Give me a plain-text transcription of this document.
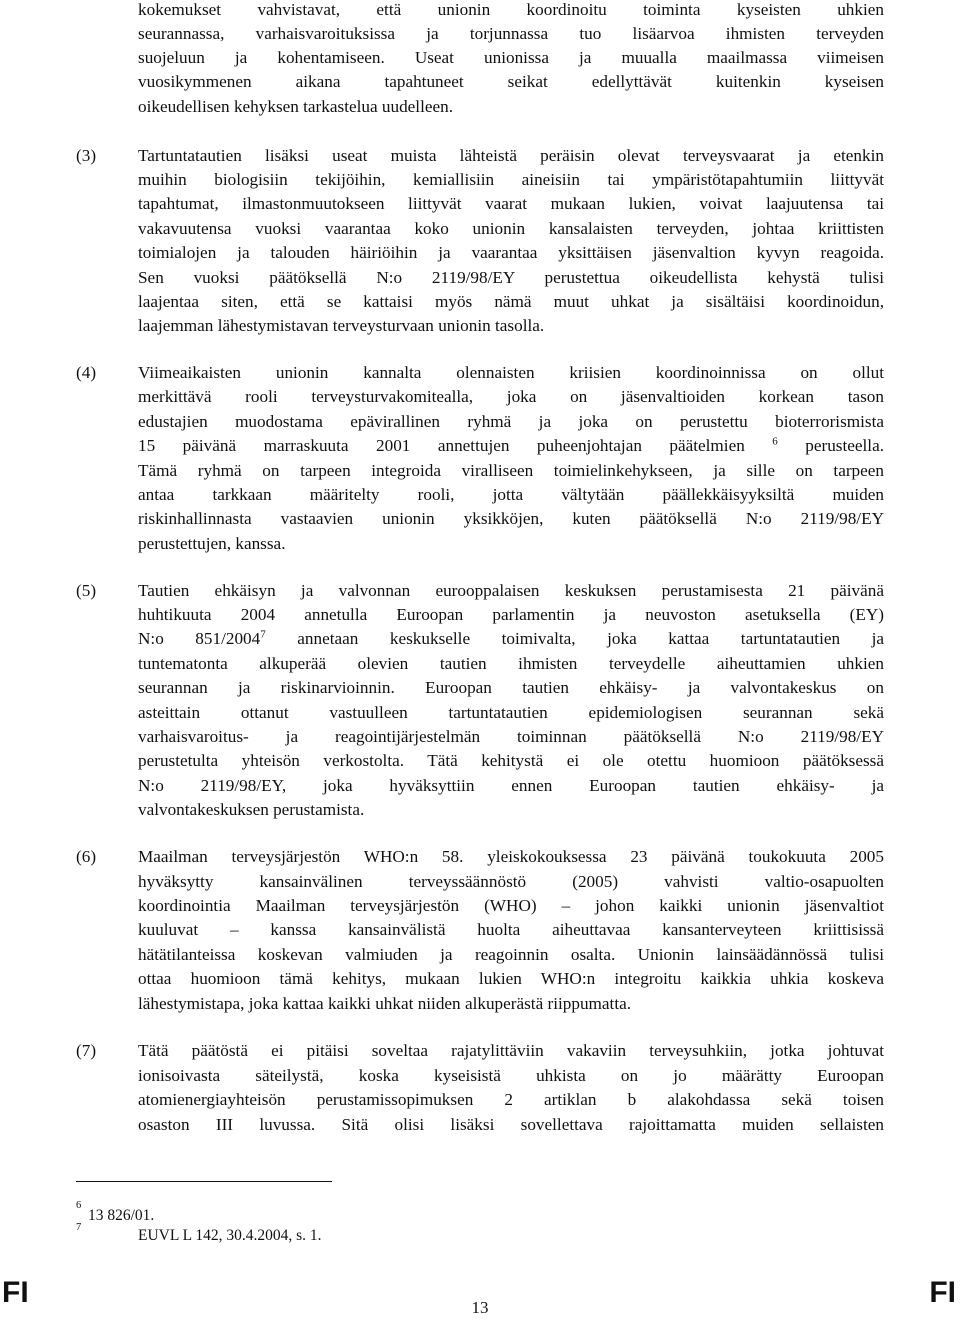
kokemukset vahvistavat, että unionin koordinoitu toiminta kyseisten uhkien
seurannassa, varhaisvaroituksissa ja torjunnassa tuo lisäarvoa ihmisten terveyden
suojeluun ja kohentamiseen. Useat unionissa ja muualla maailmassa viimeisen
vuosikymmenen aikana tapahtuneet seikat edellyttävät kuitenkin kyseisen
oikeudellisen kehyksen tarkastelua uudelleen.
(3) Tartuntatautien lisäksi useat muista lähteistä peräisin olevat terveysvaarat ja etenkin
muihin biologisiin tekijöihin, kemiallisiin aineisiin tai ympäristötapahtumiin liittyvät
tapahtumat, ilmastonmuutokseen liittyvät vaarat mukaan lukien, voivat laajuutensa tai
vakavuutensa vuoksi vaarantaa koko unionin kansalaisten terveyden, johtaa kriittisten
toimialojen ja talouden häiriöihin ja vaarantaa yksittäisen jäsenvaltion kyvyn reagoida.
Sen vuoksi päätöksellä N:o 2119/98/EY perustettua oikeudellista kehystä tulisi
laajentaa siten, että se kattaisi myös nämä muut uhkat ja sisältäisi koordinoidun,
laajemman lähestymistavan terveysturvaan unionin tasolla.
(4) Viimeaikaisten unionin kannalta olennaisten kriisien koordinoinnissa on ollut
merkittävä rooli terveysturvakomitealla, joka on jäsenvaltioiden korkean tason
edustajien muodostama epävirallinen ryhmä ja joka on perustettu bioterrorismista
15 päivänä marraskuuta 2001 annettujen puheenjohtajan päätelmien $^6$ perusteella.
Tämä ryhmä on tarpeen integroida viralliseen toimielinkehykseen, ja sille on tarpeen
antaa tarkkaan määritelty rooli, jotta vältytään päällekkäisyyksiltä muiden
riskinhallinnasta vastaavien unionin yksikköjen, kuten päätöksellä N:o 2119/98/EY
perustettujen, kanssa.
(5) Tautien ehkäisyn ja valvonnan eurooppalaisen keskuksen perustamisesta 21 päivänä
huhtikuuta 2004 annetulla Euroopan parlamentin ja neuvoston asetuksella (EY)
N:o 851/2004$^7$ annetaan keskukselle toimivalta, joka kattaa tartuntatautien ja
tuntematonta alkuperää olevien tautien ihmisten terveydelle aiheuttamien uhkien
seurannan ja riskinarvioinnin. Euroopan tautien ehkäisy- ja valvontakeskus on
asteittain ottanut vastuulleen tartuntatautien epidemiologisen seurannan sekä
varhaisvaroitus- ja reagointijärjestelmän toiminnan päätöksellä N:o 2119/98/EY
perustetulta yhteisön verkostolta. Tätä kehitystä ei ole otettu huomioon päätöksessä
N:o 2119/98/EY, joka hyväksyttiin ennen Euroopan tautien ehkäisy- ja
valvontakeskuksen perustamista.
(6) Maailman terveysjärjestön WHO:n 58. yleiskokouksessa 23 päivänä toukokuuta 2005
hyväksytty kansainvälinen terveyssäännöstö (2005) vahvisti valtio-osapuolten
koordinointia Maailman terveysjärjestön (WHO) – johon kaikki unionin jäsenvaltiot
kuuluvat – kanssa kansainvälistä huolta aiheuttavaa kansanterveyteen kriittisissä
hätätilanteissa koskevan valmiuden ja reagoinnin osalta. Unionin lainsäädännössä tulisi
ottaa huomioon tämä kehitys, mukaan lukien WHO:n integroitu kaikkia uhkia koskeva
lähestymistapa, joka kattaa kaikki uhkat niiden alkuperästä riippumatta.
(7) Tätä päätöstä ei pitäisi soveltaa rajatylittäviin vakaviin terveysuhkiin, jotka johtuvat
ionisoivasta säteilystä, koska kyseisistä uhkista on jo määrätty Euroopan
atomienergiayhteisön perustamissopimuksen 2 artiklan b alakohdassa sekä toisen
osaston III luvussa. Sitä olisi lisäksi sovellettava rajoittamatta muiden sellaisten
6
13 826/01.
7	EUVL L 142, 30.4.2004, s. 1.
FI	13	FI
